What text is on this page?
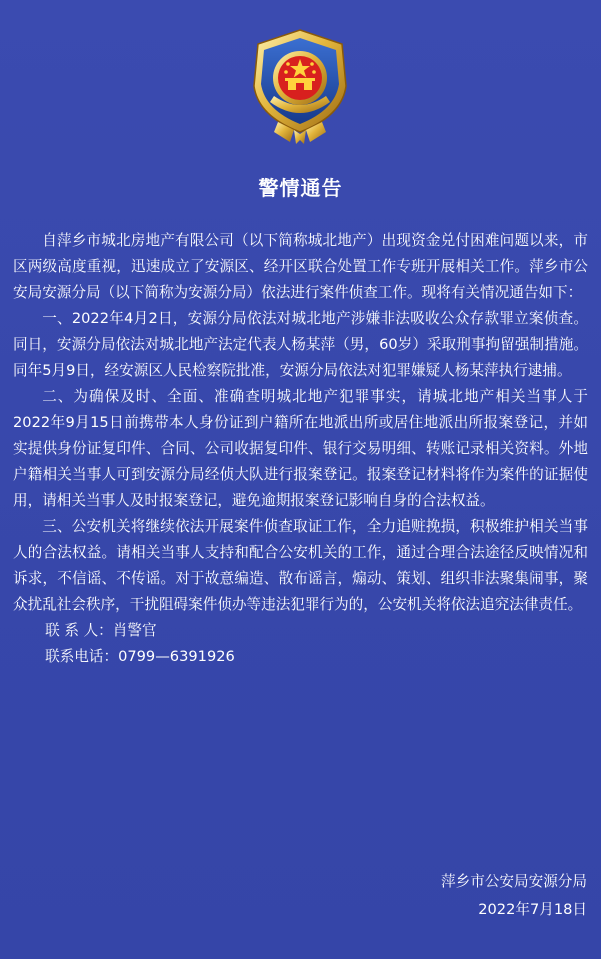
警情通告

自萍乡市城北房地产有限公司（以下简称城北地产）出现资金兑付困难问题以来，市区两级高度重视，迅速成立了安源区、经开区联合处置工作专班开展相关工作。萍乡市公安局安源分局（以下简称为安源分局）依法进行案件侦查工作。现将有关情况通告如下：

一、2022年4月2日，安源分局依法对城北地产涉嫌非法吸收公众存款罪立案侦查。同日，安源分局依法对城北地产法定代表人杨某萍（男，60岁）采取刑事拘留强制措施。同年5月9日，经安源区人民检察院批准，安源分局依法对犯罪嫌疑人杨某萍执行逮捕。

二、为确保及时、全面、准确查明城北地产犯罪事实，请城北地产相关当事人于2022年9月15日前携带本人身份证到户籍所在地派出所或居住地派出所报案登记，并如实提供身份证复印件、合同、公司收据复印件、银行交易明细、转账记录相关资料。外地户籍相关当事人可到安源分局经侦大队进行报案登记。报案登记材料将作为案件的证据使用，请相关当事人及时报案登记，避免逾期报案登记影响自身的合法权益。

三、公安机关将继续依法开展案件侦查取证工作，全力追赃挽损，积极维护相关当事人的合法权益。请相关当事人支持和配合公安机关的工作，通过合理合法途径反映情况和诉求，不信谣、不传谣。对于故意编造、散布谣言，煽动、策划、组织非法聚集闹事，聚众扰乱社会秩序，干扰阻碍案件侦办等违法犯罪行为的，公安机关将依法追究法律责任。

联 系 人：肖警官

联系电话：0799—6391926

萍乡市公安局安源分局
2022年7月18日
